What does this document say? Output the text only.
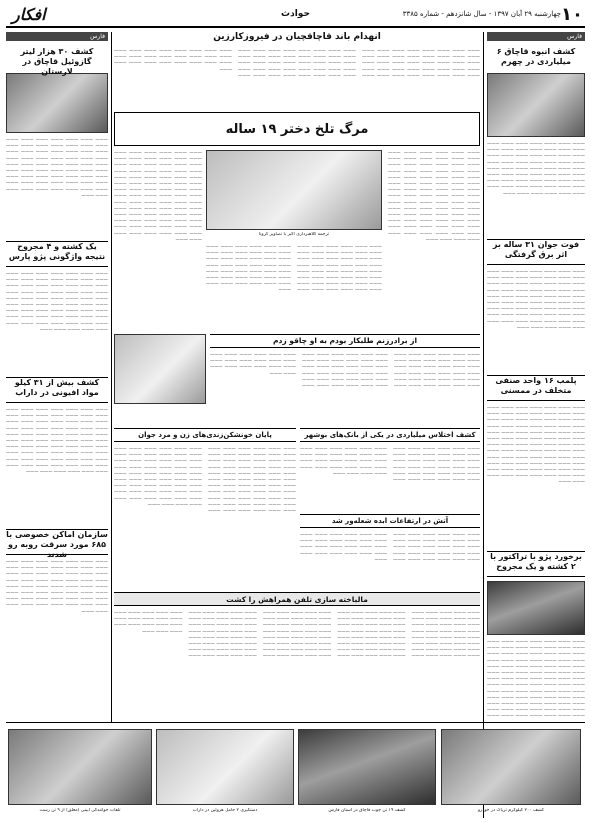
١٠
چهارشنبه ۲۹ آبان ۱۳۹۷ - سال شانزدهم - شماره ۳۳۸۵
حوادث
افکار
فارس
کشف انبوه قاچاق ۶ میلیاردی در چهرم
——— ——— ——— ——— ——— ——— ——— ——— ——— ——— ——— ——— ——— ——— ——— ——— ——— ——— ——— ——— ——— ——— ——— ——— ——— ——— ——— ——— ——— ——— ——— ——— ——— ——— ——— ——— ——— ——— ——— ——— ——— ——— ——— ——— ——— ——— ——— ——— ——— ——— ——— ——— ——— ——— ——— ——— ——— ——— ——— ——— ——— ———
فوت جوان ۳۱ ساله بر اثر برق گرفتگی
——— ——— ——— ——— ——— ——— ——— ——— ——— ——— ——— ——— ——— ——— ——— ——— ——— ——— ——— ——— ——— ——— ——— ——— ——— ——— ——— ——— ——— ——— ——— ——— ——— ——— ——— ——— ——— ——— ——— ——— ——— ——— ——— ——— ——— ——— ——— ——— ——— ——— ——— ——— ——— ——— ——— ——— ——— ——— ——— ——— ——— ——— ——— ——— ——— ——— ——— ———
پلمب ۱۶ واحد صنفی متخلف در ممسنی
——— ——— ——— ——— ——— ——— ——— ——— ——— ——— ——— ——— ——— ——— ——— ——— ——— ——— ——— ——— ——— ——— ——— ——— ——— ——— ——— ——— ——— ——— ——— ——— ——— ——— ——— ——— ——— ——— ——— ——— ——— ——— ——— ——— ——— ——— ——— ——— ——— ——— ——— ——— ——— ——— ——— ——— ——— ——— ——— ——— ——— ——— ——— ——— ——— ——— ——— ——— ——— ——— ——— ——— ——— ——— ——— ——— ——— ——— ——— ——— ——— ——— ——— ——— ——— ———
برخورد پژو با تراکتور با ۲ کشته و یک مجروح
——— ——— ——— ——— ——— ——— ——— ——— ——— ——— ——— ——— ——— ——— ——— ——— ——— ——— ——— ——— ——— ——— ——— ——— ——— ——— ——— ——— ——— ——— ——— ——— ——— ——— ——— ——— ——— ——— ——— ——— ——— ——— ——— ——— ——— ——— ——— ——— ——— ——— ——— ——— ——— ——— ——— ——— ——— ——— ——— ——— ——— ——— ——— ——— ——— ——— ——— ——— ——— ——— ——— ——— ——— ——— ——— ——— ——— ——— ——— ——— ——— ——— ——— ——— ——— ——— ——— ——— ——— ——— ——— ——— ——— ——— ———
فارس
کشف ۳۰ هزار لیتر گازوئیل قاچاق در لارستان
——— ——— ——— ——— ——— ——— ——— ——— ——— ——— ——— ——— ——— ——— ——— ——— ——— ——— ——— ——— ——— ——— ——— ——— ——— ——— ——— ——— ——— ——— ——— ——— ——— ——— ——— ——— ——— ——— ——— ——— ——— ——— ——— ——— ——— ——— ——— ——— ——— ——— ——— ——— ——— ——— ——— ——— ——— ——— ——— ——— ——— ——— ——— ——— ———
یک کشته و ۴ مجروح نتیجه واژگونی پژو پارس
——— ——— ——— ——— ——— ——— ——— ——— ——— ——— ——— ——— ——— ——— ——— ——— ——— ——— ——— ——— ——— ——— ——— ——— ——— ——— ——— ——— ——— ——— ——— ——— ——— ——— ——— ——— ——— ——— ——— ——— ——— ——— ——— ——— ——— ——— ——— ——— ——— ——— ——— ——— ——— ——— ——— ——— ——— ——— ——— ——— ——— ——— ——— ——— ——— ——— ——— ———
کشف بیش از ۳۱ کیلو مواد افیونی در داراب
——— ——— ——— ——— ——— ——— ——— ——— ——— ——— ——— ——— ——— ——— ——— ——— ——— ——— ——— ——— ——— ——— ——— ——— ——— ——— ——— ——— ——— ——— ——— ——— ——— ——— ——— ——— ——— ——— ——— ——— ——— ——— ——— ——— ——— ——— ——— ——— ——— ——— ——— ——— ——— ——— ——— ——— ——— ——— ——— ——— ——— ——— ——— ——— ——— ——— ——— ——— ——— ——— ——— ——— ——— ——— ——— ———
سازمان اماکن خصوصی با ۶۸۵ مورد سرقت روبه رو شدند
——— ——— ——— ——— ——— ——— ——— ——— ——— ——— ——— ——— ——— ——— ——— ——— ——— ——— ——— ——— ——— ——— ——— ——— ——— ——— ——— ——— ——— ——— ——— ——— ——— ——— ——— ——— ——— ——— ——— ——— ——— ——— ——— ——— ——— ——— ——— ——— ——— ——— ——— ——— ——— ——— ——— ——— ——— ———
انهدام باند قاچاقچیان در فیروزکارزین
——— ——— ——— ——— ——— ——— ——— ——— ——— ——— ——— ——— ——— ——— ——— ——— ——— ——— ——— ——— ——— ——— ——— ——— ——— ——— ——— ——— ——— ——— ——— ——— ——— ——— ——— ——— ——— ——— ——— ——— ——— ——— ——— ——— ——— ——— ——— ——— ——— ——— ——— ——— ——— ——— ——— ——— ——— ——— ——— ——— ——— ——— ——— ——— ——— ——— ——— ——— ——— ——— ——— ——— ——— ——— ——— ——— ——— ——— ——— ——— ——— ——— ——— ——— ——— ——— ——— ——— ——— ——— ——— ——— ——— ——— ——— ——— ——— ——— ——— ——— ——— ——— ——— ——— ———
مرگ تلخ دختر ۱۹ ساله
——— ——— ——— ——— ——— ——— ——— ——— ——— ——— ——— ——— ——— ——— ——— ——— ——— ——— ——— ——— ——— ——— ——— ——— ——— ——— ——— ——— ——— ——— ——— ——— ——— ——— ——— ——— ——— ——— ——— ——— ——— ——— ——— ——— ——— ——— ——— ——— ——— ——— ——— ——— ——— ——— ——— ——— ——— ——— ——— ——— ——— ——— ——— ——— ——— ——— ——— ——— ——— ——— ——— ——— ——— ——— ——— ——— ——— ——— ——— ——— ——— ——— ——— ——— ——— ——— ——— ———
ترجمه کلاهبرداری اکبر با تصاویر کرونا
——— ——— ——— ——— ——— ——— ——— ——— ——— ——— ——— ——— ——— ——— ——— ——— ——— ——— ——— ——— ——— ——— ——— ——— ——— ——— ——— ——— ——— ——— ——— ——— ——— ——— ——— ——— ——— ——— ——— ——— ——— ——— ——— ——— ——— ——— ——— ——— ——— ——— ——— ——— ——— ——— ——— ——— ——— ——— ——— ——— ——— ——— ——— ——— ——— ——— ——— ——— ——— ——— ——— ——— ——— ——— ——— ——— ——— ——— ——— ——— ——— ——— ——— ——— ——— ———
——— ——— ——— ——— ——— ——— ——— ——— ——— ——— ——— ——— ——— ——— ——— ——— ——— ——— ——— ——— ——— ——— ——— ——— ——— ——— ——— ——— ——— ——— ——— ——— ——— ——— ——— ——— ——— ——— ——— ——— ——— ——— ——— ——— ——— ——— ——— ——— ——— ——— ——— ——— ——— ——— ——— ——— ——— ——— ——— ——— ——— ——— ——— ——— ——— ——— ——— ——— ——— ——— ——— ——— ——— ——— ——— ——— ——— ——— ——— ——— ——— ——— ——— ——— ——— ——— ——— ——— ——— ——— ———
از برادرزنم طلبکار بودم به او چاقو زدم
——— ——— ——— ——— ——— ——— ——— ——— ——— ——— ——— ——— ——— ——— ——— ——— ——— ——— ——— ——— ——— ——— ——— ——— ——— ——— ——— ——— ——— ——— ——— ——— ——— ——— ——— ——— ——— ——— ——— ——— ——— ——— ——— ——— ——— ——— ——— ——— ——— ——— ——— ——— ——— ——— ——— ——— ——— ——— ——— ——— ——— ——— ——— ——— ——— ——— ——— ——— ——— ——— ——— ——— ——— ——— ——— ——— ——— ——— ——— ——— ——— ——— ——— ——— ——— ——— ——— ——— ——— ——— ——— ———
کشف اختلاس میلیاردی در یکی از بانک‌های بوشهر
——— ——— ——— ——— ——— ——— ——— ——— ——— ——— ——— ——— ——— ——— ——— ——— ——— ——— ——— ——— ——— ——— ——— ——— ——— ——— ——— ——— ——— ——— ——— ——— ——— ——— ——— ——— ——— ——— ——— ——— ——— ——— ——— ——— ——— ——— ——— ——— ——— ——— ——— ——— ——— ——— ——— ——— ——— ——— ——— ——— ——— ——— ——— ———
آتش در ارتفاعات ابده شعله‌ور شد
——— ——— ——— ——— ——— ——— ——— ——— ——— ——— ——— ——— ——— ——— ——— ——— ——— ——— ——— ——— ——— ——— ——— ——— ——— ——— ——— ——— ——— ——— ——— ——— ——— ——— ——— ——— ——— ——— ——— ——— ——— ——— ——— ——— ——— ——— ——— ——— ——— ——— ——— ——— ——— ——— ———
پایان خونشکن‌زندی‌های زن و مرد جوان
——— ——— ——— ——— ——— ——— ——— ——— ——— ——— ——— ——— ——— ——— ——— ——— ——— ——— ——— ——— ——— ——— ——— ——— ——— ——— ——— ——— ——— ——— ——— ——— ——— ——— ——— ——— ——— ——— ——— ——— ——— ——— ——— ——— ——— ——— ——— ——— ——— ——— ——— ——— ——— ——— ——— ——— ——— ——— ——— ——— ——— ——— ——— ——— ——— ——— ——— ——— ——— ——— ——— ——— ——— ——— ——— ——— ——— ——— ——— ——— ——— ——— ——— ——— ——— ——— ——— ——— ——— ——— ——— ——— ——— ——— ——— ——— ——— ——— ——— ——— ——— ——— ——— ——— ——— ——— ——— ——— ——— ——— ——— ——— ——— ——— ——— ——— ——— ——— ——— ——— ——— ——— ——— ———
مالباخته سازی تلفن همراهش را کشت
——— ——— ——— ——— ——— ——— ——— ——— ——— ——— ——— ——— ——— ——— ——— ——— ——— ——— ——— ——— ——— ——— ——— ——— ——— ——— ——— ——— ——— ——— ——— ——— ——— ——— ——— ——— ——— ——— ——— ——— ——— ——— ——— ——— ——— ——— ——— ——— ——— ——— ——— ——— ——— ——— ——— ——— ——— ——— ——— ——— ——— ——— ——— ——— ——— ——— ——— ——— ——— ——— ——— ——— ——— ——— ——— ——— ——— ——— ——— ——— ——— ——— ——— ——— ——— ——— ——— ——— ——— ——— ——— ——— ——— ——— ——— ——— ——— ——— ——— ——— ——— ——— ——— ——— ——— ——— ——— ——— ——— ——— ——— ——— ——— ——— ——— ——— ——— ——— ——— ——— ——— ——— ——— ——— ——— ——— ——— ——— ——— ——— ——— ——— ——— ——— ——— ——— ——— ——— ——— ——— ——— ——— ——— ——— ——— ——— ——— ——— ——— ——— ——— ——— ——— ——— ——— ——— ——— ——— ——— ——— ——— ——— ——— ——— ——— ——— ——— ——— ——— ——— ——— ——— ——— ——— ——— ——— ——— ———
کشف ۲۰۰ کیلوگرم تریاک در خودرو
کشف ۱۹ تن چوب قاچاق در استان فارس
دستگیری ۲ حامل هروئین در داراب
تلفات خوانندگی آیینی (معلق) از ۹ تن رست
